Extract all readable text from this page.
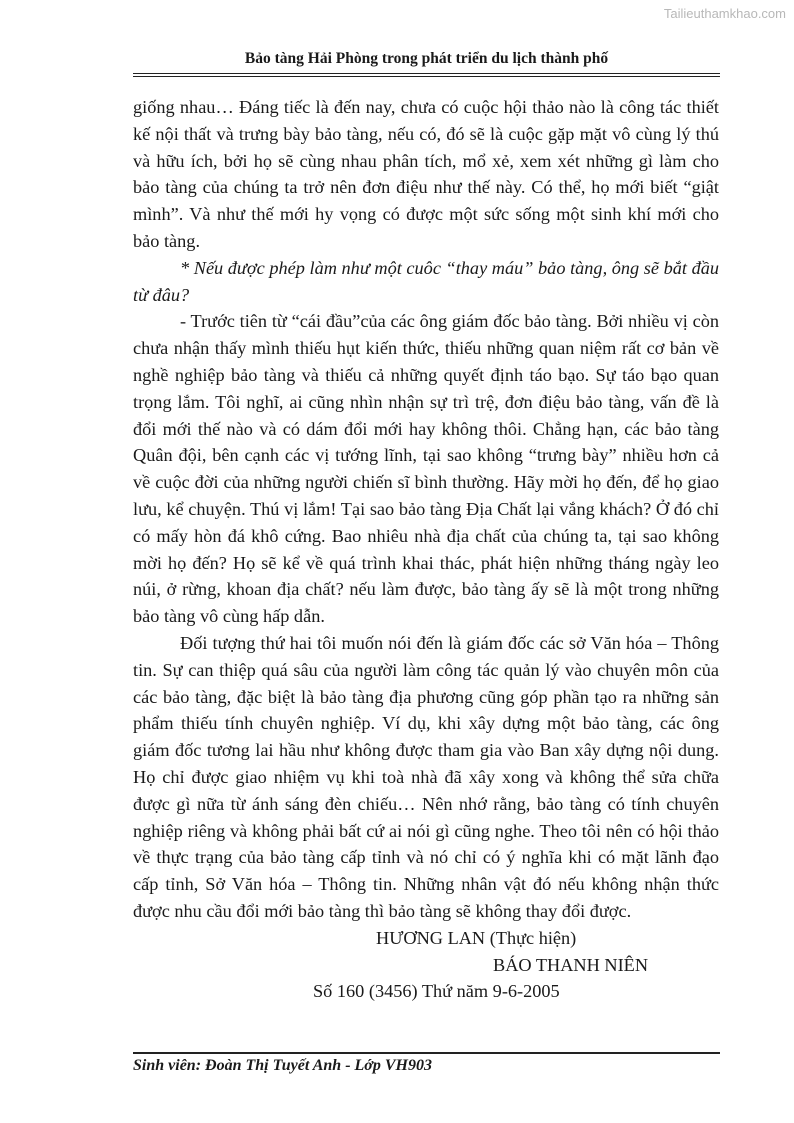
Tailieuthamkhao.com
Bảo tàng Hải Phòng trong phát triển du lịch thành phố

giống nhau… Đáng tiếc là đến nay, chưa có cuộc hội thảo nào là công tác thiết kế nội thất và trưng bày bảo tàng, nếu có, đó sẽ là cuộc gặp mặt vô cùng lý thú và hữu ích, bởi họ sẽ cùng nhau phân tích, mổ xẻ, xem xét những gì làm cho bảo tàng của chúng ta trở nên đơn điệu như thế này. Có thể, họ mới biết “giật mình”. Và như thế mới hy vọng có được một sức sống một sinh khí mới cho bảo tàng.

* Nếu được phép làm như một cuôc “thay máu” bảo tàng, ông sẽ bắt đầu từ đâu?

- Trước tiên từ “cái đầu”của các ông giám đốc bảo tàng. Bởi nhiều vị còn chưa nhận thấy mình thiếu hụt kiến thức, thiếu những quan niệm rất cơ bản về nghề nghiệp bảo tàng và thiếu cả những quyết định táo bạo. Sự táo bạo quan trọng lắm. Tôi nghĩ, ai cũng nhìn nhận sự trì trệ, đơn điệu bảo tàng, vấn đề là đổi mới thế nào và có dám đổi mới hay không thôi. Chẳng hạn, các bảo tàng Quân đội, bên cạnh các vị tướng lĩnh, tại sao không “trưng bày” nhiều hơn cả về cuộc đời của những người chiến sĩ bình thường. Hãy mời họ đến, để họ giao lưu, kể chuyện. Thú vị lắm! Tại sao bảo tàng Địa Chất lại vắng khách? Ở đó chỉ có mấy hòn đá khô cứng. Bao nhiêu nhà địa chất của chúng ta, tại sao không mời họ đến? Họ sẽ kể về quá trình khai thác, phát hiện những tháng ngày leo núi, ở rừng, khoan địa chất? nếu làm được, bảo tàng ấy sẽ là một trong những bảo tàng vô cùng hấp dẫn.

Đối tượng thứ hai tôi muốn nói đến là giám đốc các sở Văn hóa – Thông tin. Sự can thiệp quá sâu của người làm công tác quản lý vào chuyên môn của các bảo tàng, đặc biệt là bảo tàng địa phương cũng góp phần tạo ra những sản phẩm thiếu tính chuyên nghiệp. Ví dụ, khi xây dựng một bảo tàng, các ông giám đốc tương lai hầu như không được tham gia vào Ban xây dựng nội dung. Họ chỉ được giao nhiệm vụ khi toà nhà đã xây xong và không thể sửa chữa được gì nữa từ ánh sáng đèn chiếu… Nên nhớ rằng, bảo tàng có tính chuyên nghiệp riêng và không phải bất cứ ai nói gì cũng nghe. Theo tôi nên có hội thảo về thực trạng của bảo tàng cấp tỉnh và nó chỉ có ý nghĩa khi có mặt lãnh đạo cấp tỉnh, Sở Văn hóa – Thông tin. Những nhân vật đó nếu không nhận thức được nhu cầu đổi mới bảo tàng thì bảo tàng sẽ không thay đổi được.

HƯƠNG LAN (Thực hiện)

BÁO THANH NIÊN

Số 160 (3456) Thứ năm 9-6-2005

Sinh viên: Đoàn Thị Tuyết Anh - Lớp VH903
